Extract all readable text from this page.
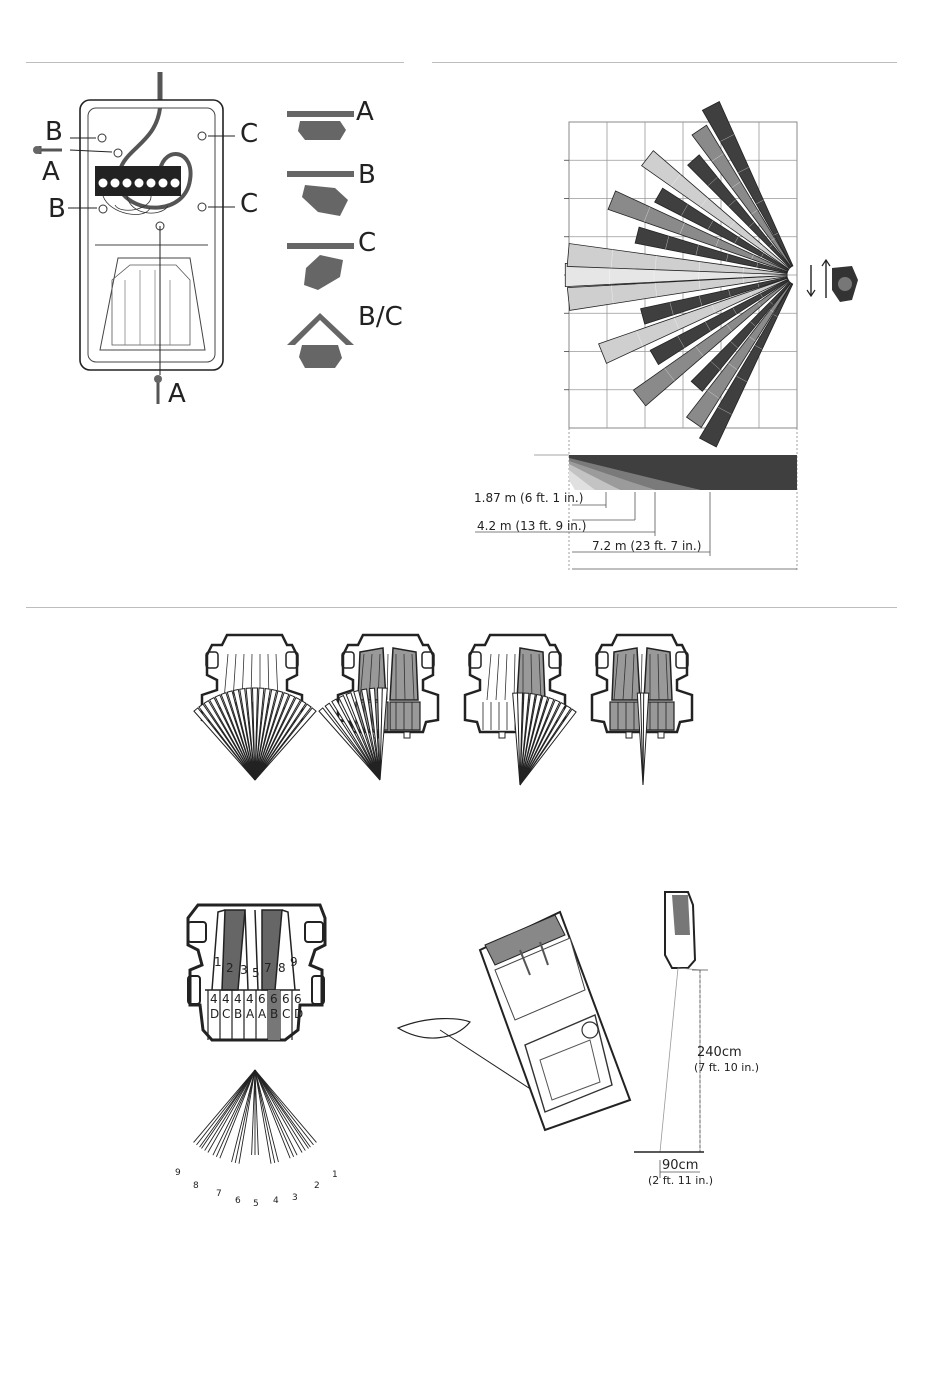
B
A
B
C
C
A
A
B
C
B/C
1.87 m (6 ft. 1 in.)
4.2 m (13 ft. 9 in.)
7.2 m (23 ft. 7 in.)
1 2 3 5 7 8 9
4
D
4
C
4
B
4
A
6
A
6
B
6
C
6
D
9
8
7
6 5 4 3
2
1
240cm
(7 ft. 10 in.)
90cm
(2 ft. 11 in.)
